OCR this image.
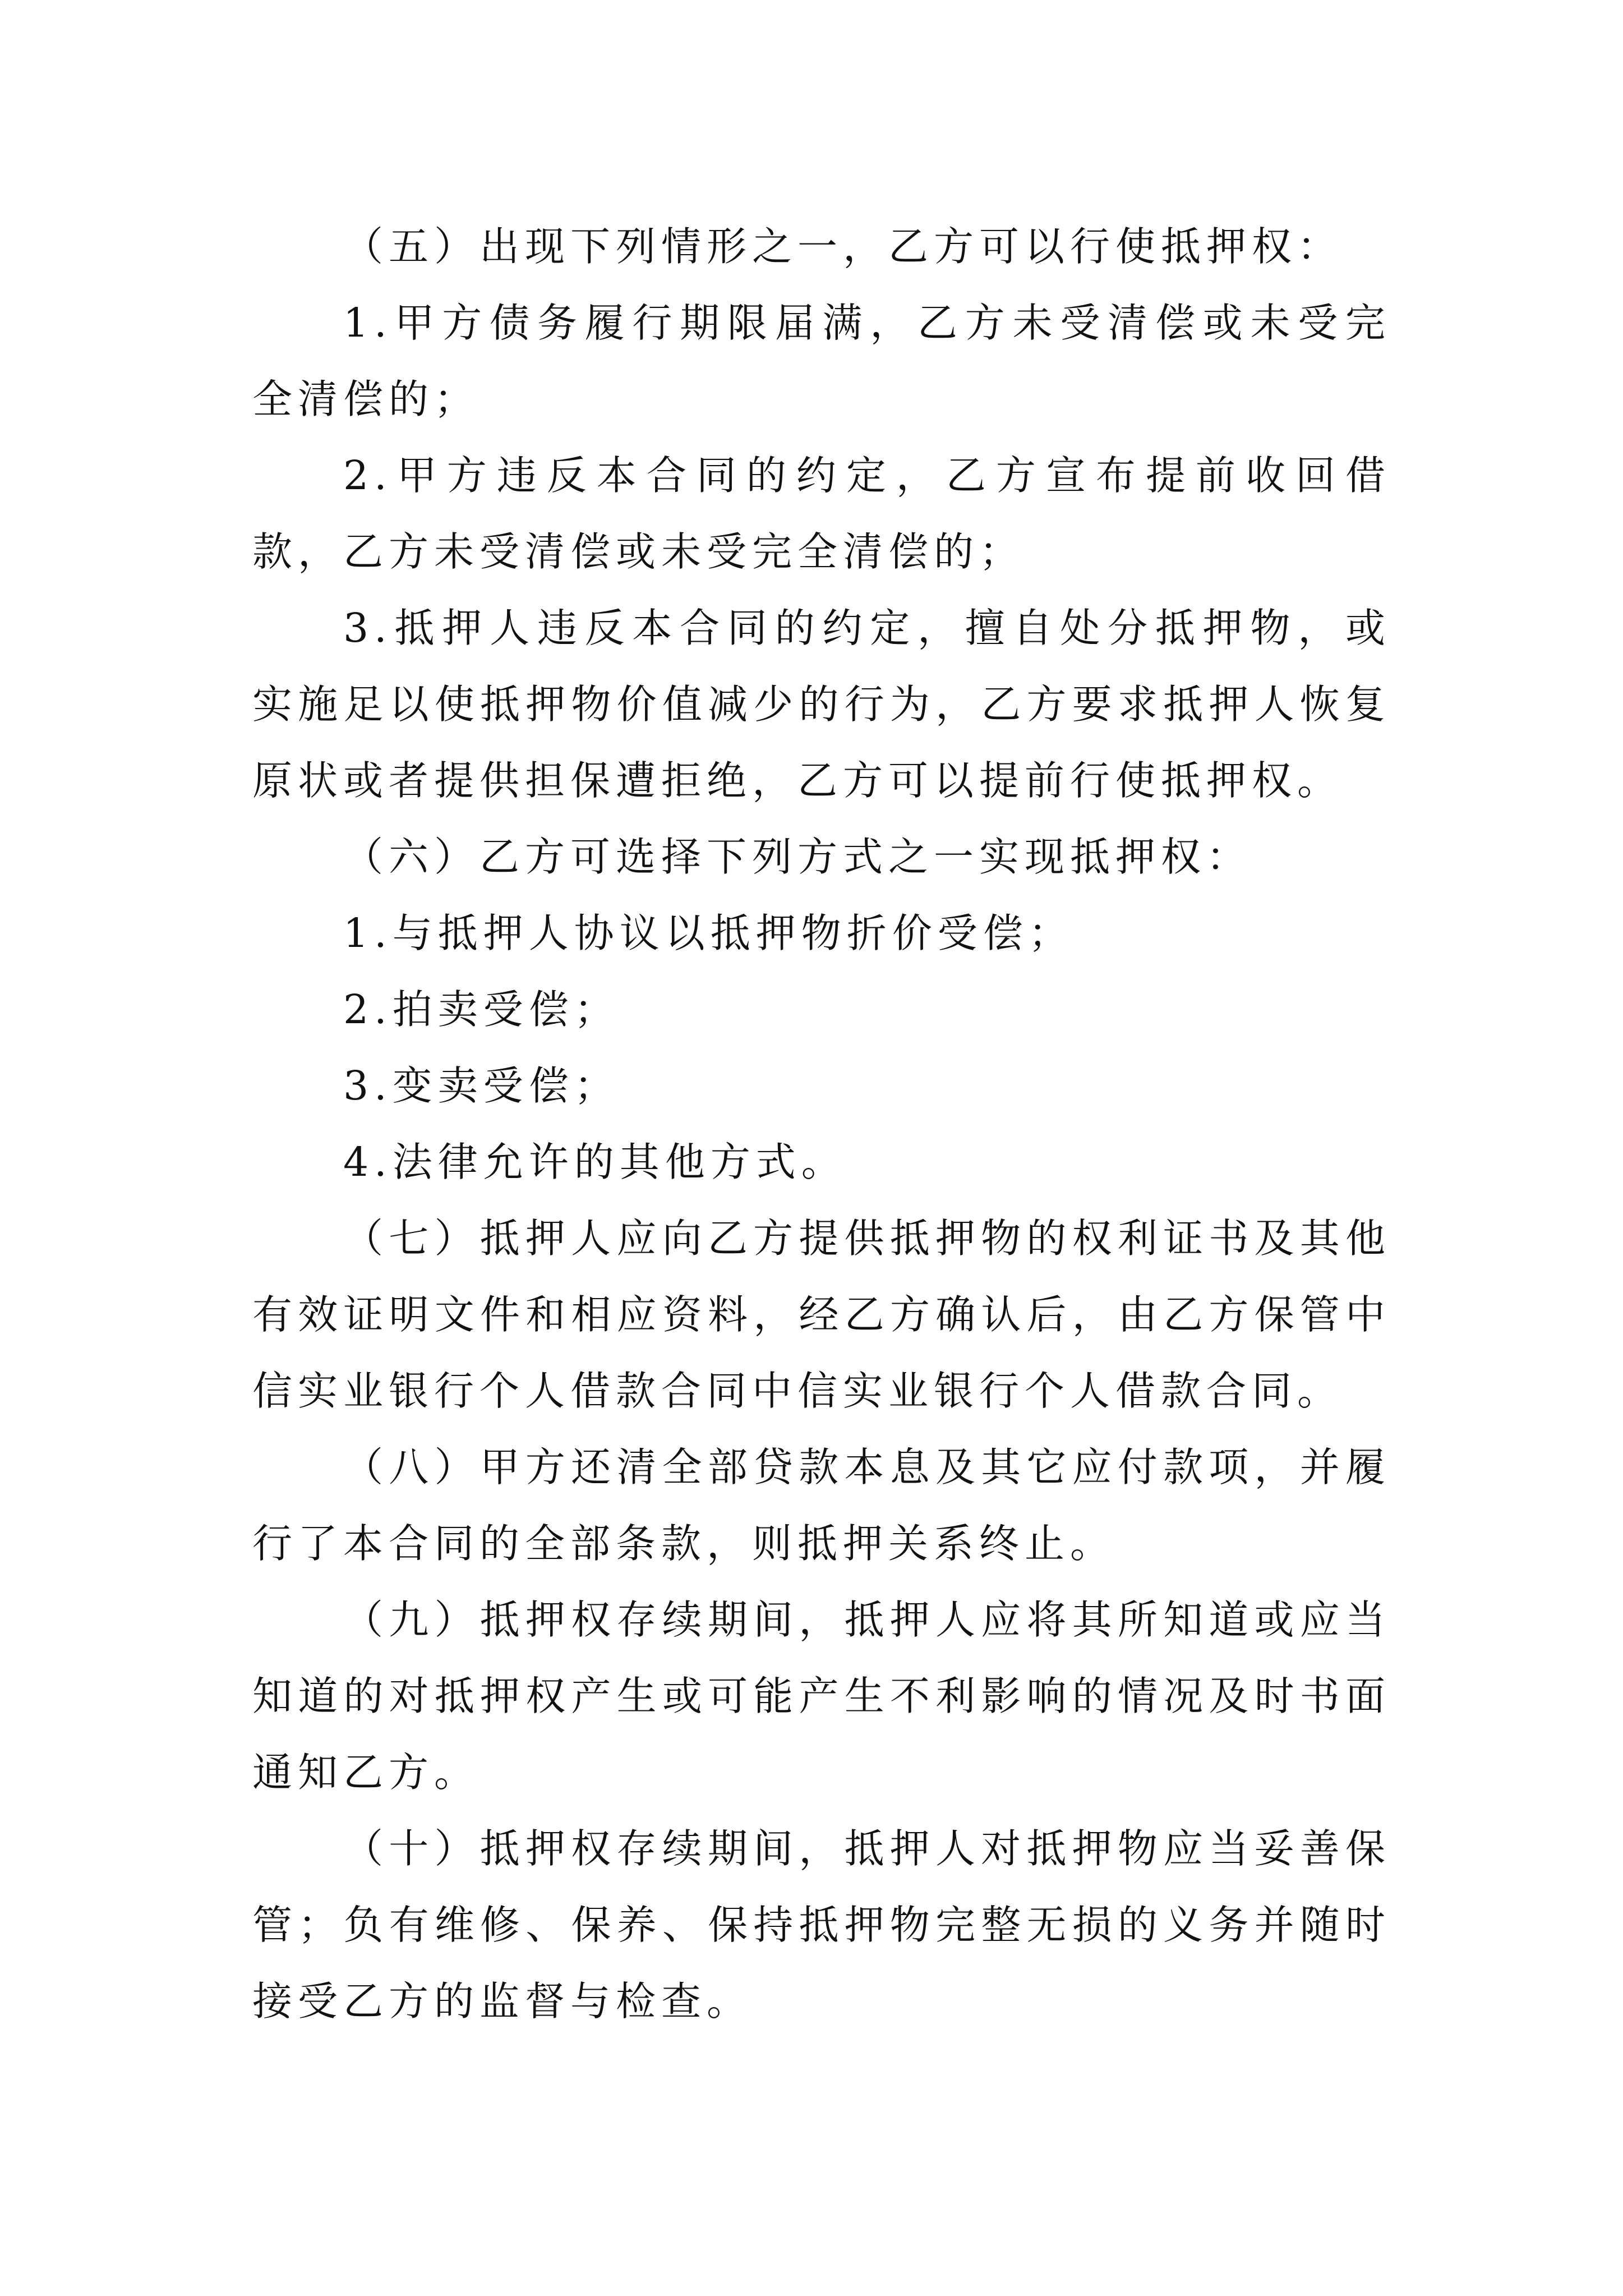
（五）出现下列情形之一，乙方可以行使抵押权：

1.甲方债务履行期限届满，乙方未受清偿或未受完全清偿的；

2.甲方违反本合同的约定，乙方宣布提前收回借款，乙方未受清偿或未受完全清偿的；

3.抵押人违反本合同的约定，擅自处分抵押物，或实施足以使抵押物价值减少的行为，乙方要求抵押人恢复原状或者提供担保遭拒绝，乙方可以提前行使抵押权。

（六）乙方可选择下列方式之一实现抵押权：

1.与抵押人协议以抵押物折价受偿；

2.拍卖受偿；

3.变卖受偿；

4.法律允许的其他方式。

（七）抵押人应向乙方提供抵押物的权利证书及其他有效证明文件和相应资料，经乙方确认后，由乙方保管中信实业银行个人借款合同中信实业银行个人借款合同。

（八）甲方还清全部贷款本息及其它应付款项，并履行了本合同的全部条款，则抵押关系终止。

（九）抵押权存续期间，抵押人应将其所知道或应当知道的对抵押权产生或可能产生不利影响的情况及时书面通知乙方。

（十）抵押权存续期间，抵押人对抵押物应当妥善保管；负有维修、保养、保持抵押物完整无损的义务并随时接受乙方的监督与检查。
